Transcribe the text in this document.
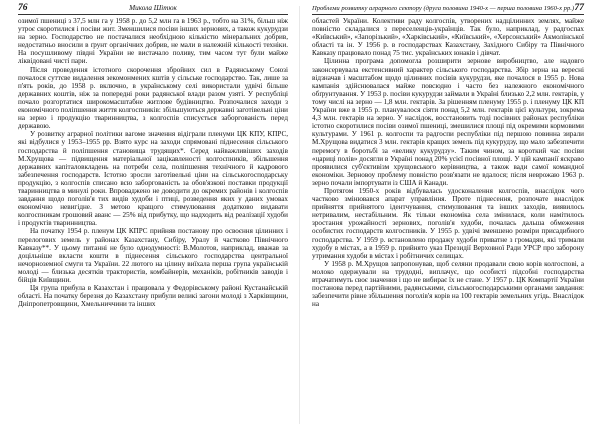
76	Микола Шітюк

озимої пшениці з 37,5 млн га у 1958 р. до 5,2 млн га в 1963 р., тобто на 31%, більш ніж утроє скоротилися і посіви жит. Зменшилися посіви інших зернових, а також кукурудзи на зерно. Господарство не постачалися необхідною кількістю мінеральних добрив, недостатньо вносили в ґрунт органічних добрив, не мали в належній кількості техніки. На посушливому півдні України не вистачало поливу, тим часом тут були майже ліквідовані чисті пари.

Після проведення істотного скорочення збройних сил в Радянському Союзі почалося суттєве видалення зекомонмених кштів у сільське господарство. Так, лише за п'ять років, до 1958 р. включно, в українському селі використали удвічі більше державних коштів, ніж за попередні роки радянської влади разом узяті. У республіці почало розгортатися широкомасштабне житлове будівництво. Розпочалися заходи з економічного поліпшення життя колгоспників: збільшуються державні заготівельні ціни на зерно і продукцію тваринництва, з колгоспів списується заборгованість перед державою.

У розвитку аграрної політики вагоме значення відіграли пленуми ЦК КПУ, КПРС, які відбулися у 1953–1955 рр. Взято курс на заходи спрямовані піднесення сільського господарства й поліпшення становища трудящих*. Серед найважливіших заходів М.Хрущова — підвищення матеріальної зацікавленості колгоспників, збільшення державних капіталовкладень на потреби села, поліпшення технічного й кадрового забезпечення господарств. Істотно зросли заготівельні ціни на сільськогосподарську продукцію, з колгоспів списано всю заборгованість за обов'язкові поставки продукції тваринництва в минулі роки. Впроваджено не доводити до окремих районів і колгоспів завдання щодо поголів'я тих видів худоби і птиці, розведення яких у даних умовах економічно невигідне. З метою кращого стимулювання додатково видавати колгоспникам грошовий аванс — 25% від прибутку, що надходить від реалізації худоби і продуктів тваринництва.

На початку 1954 р. пленум ЦК КПРС прийняв постанову про освоєння цілинних і перелогових земель у районах Казахстану, Сибіру, Уралу й частково Північного Кавказу**. У цьому питанні не було однодумності: В.Молотов, наприклад, вважав за доцільніше вкласти кошти в піднесення сільського господарства центральної нечорноземної смуги та України. 22 лютого на цілину виїхала перша група українській молоді — близька десятків трактористів, комбайнерів, механіків, робітників заводів і бійців Київщини.

Ця група прибула в Казахстан і працювала у Федорівському районі Кустанайській області. На початку березня до Казахстану прибули великі загони молоді з Харківщини, Дніпропетровщини, Хмельниччини та інших

Проблеми розвитку аграрного сектору (друга половина 1940-х — перша половина 1960-х рр.) 77

областей України. Колективи раду колгоспів, утворених надцілинних землях, майже повністю складалися з переселенців-українців. Так було, наприклад, у радгоспах «Київський», «Запорізький», «Харківський», «Київський», «Херсонський» Акмолінської області та ін. У 1956 р. в господарствах Казахстану, Західного Сибіру та Північного Кавказу працювало понад 75 тис. українських юнаків і дівчат.

Цілинна програма допомогла розширити зернове виробництво, але надовго законсервувала екстенсивний характер сільського господарства. Збір зерна на вересні відзначав і масштабом щодо цілинних посівів кукурудзи, яке почалося в 1955 р. Нова кампанія здійснювалася майже повсюдно і часто без належного економічного обґрунтування. У 1953 р. посіви кукурудзи займали в Україні близько 2,2 млн. гектарів, у тому числі на зерно — 1,8 млн. гектарів. За рішенням пленуму 1955 р. і пленуму ЦК КП України вже в 1955 р. планувалося сіяти понад 5,2 млн. гектарів цієї культури, зокрема 4,3 млн. гектарів на зерно. У наслідок, восстановить тоді посівних районах республіки істотно скоротилися посіви озимої пшениці, змешилися площі під окремими кормовими культурами. У 1961 р. колгоспи та радгоспи республіки під першою повинна зирали М.Хрущова видатися 3 млн. гектарів кращих земель під кукурудзу, що мало забезпечити перемогу в боротьбі за «велику кукурудзу». Таким чином, за короткий час посіви «цариці полів» досягли в Україні понад 20% усієї посівної площі. У цій кампанії яскраво проявилися суб'єктивізм хрущовського керівництва, а також вади самої командної економіки. Зерновоу проблему повністю розв'язати не вдалося; після неврожаю 1963 р. зерно почали імпортувати із США й Канади.

Протягом 1950-х років відбувалась удосконалення колгоспів, внаслідок чого частково змінювався апарат управління. Проте піднесення, розпочате внаслідок прийняття прийнятого ідентчування, стимулювання та інших заходів, виявилось нетривалим, нестабільним. Як тільки економіка села змінилася, коли намітилось зростання урожайності зернових, поголів'я худоби, почалась дальша обмеження особистих господарств колгоспників. У 1955 р. удвічі зменшено розміри присадибного господарства. У 1959 р. встановлено продажу худоби приватне з громадян, які тримали худобу в містах, а в 1959 р. прийнято указ Президії Верховної Ради УРСР про заборону утримання худоби в містах і робітничих селищах.

У 1958 р. М.Хрущов запропонував, щоб селяни продавали свою корів колгоспові, а молоко одержували на трудодні, виплачує, що особисті підсобні господарства втрачатимуть своє значення і що не вибирає їх не стане. У 1957 р. ЦК Компартії України постанова перед партійними, радянськими, сільськогосподарськими органами завдання: забезпечити рівне збільшення поголів'я корів на 100 гектарів земельних угідь. Внаслідок на
